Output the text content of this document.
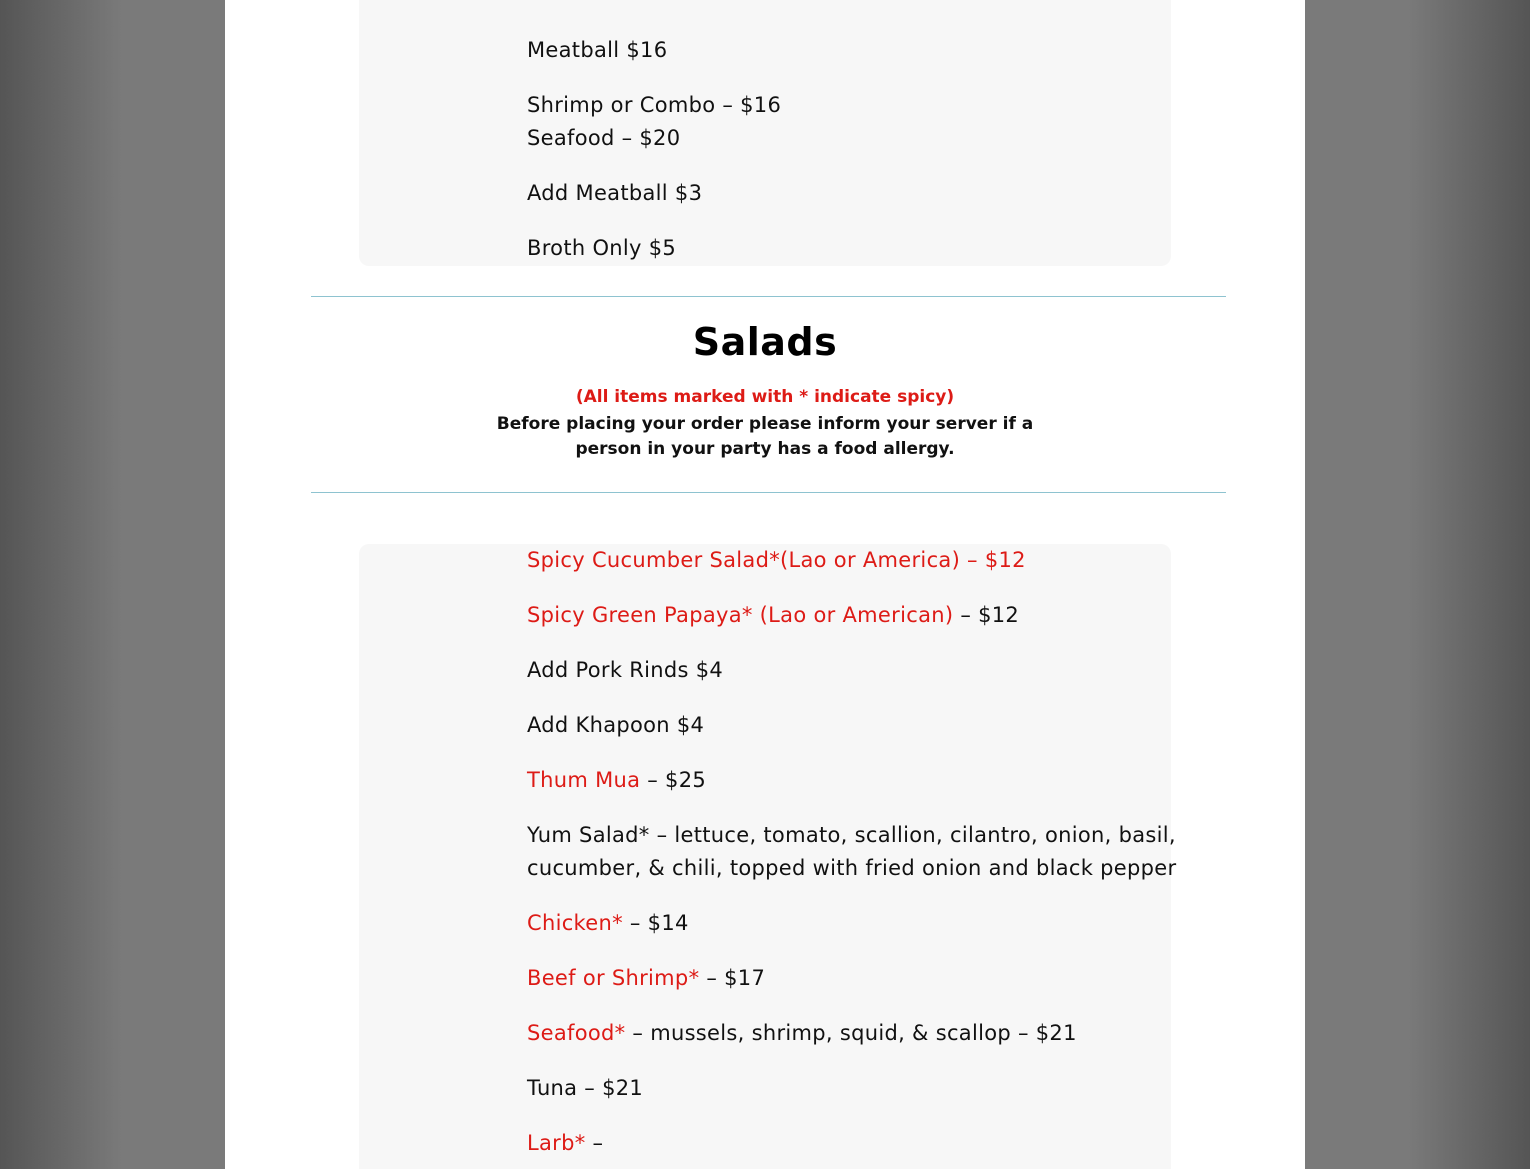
Meatball $16
Shrimp or Combo – $16
Seafood – $20
Add Meatball $3
Broth Only $5
Salads
(All items marked with * indicate spicy)
Before placing your order please inform your server if a person in your party has a food allergy.
Spicy Cucumber Salad*(Lao or America) – $12
Spicy Green Papaya* (Lao or American) – $12
Add Pork Rinds $4
Add Khapoon $4
Thum Mua – $25
Yum Salad* – lettuce, tomato, scallion, cilantro, onion, basil, cucumber, & chili, topped with fried onion and black pepper
Chicken* – $14
Beef or Shrimp* – $17
Seafood* – mussels, shrimp, squid, & scallop – $21
Tuna – $21
Larb* –
